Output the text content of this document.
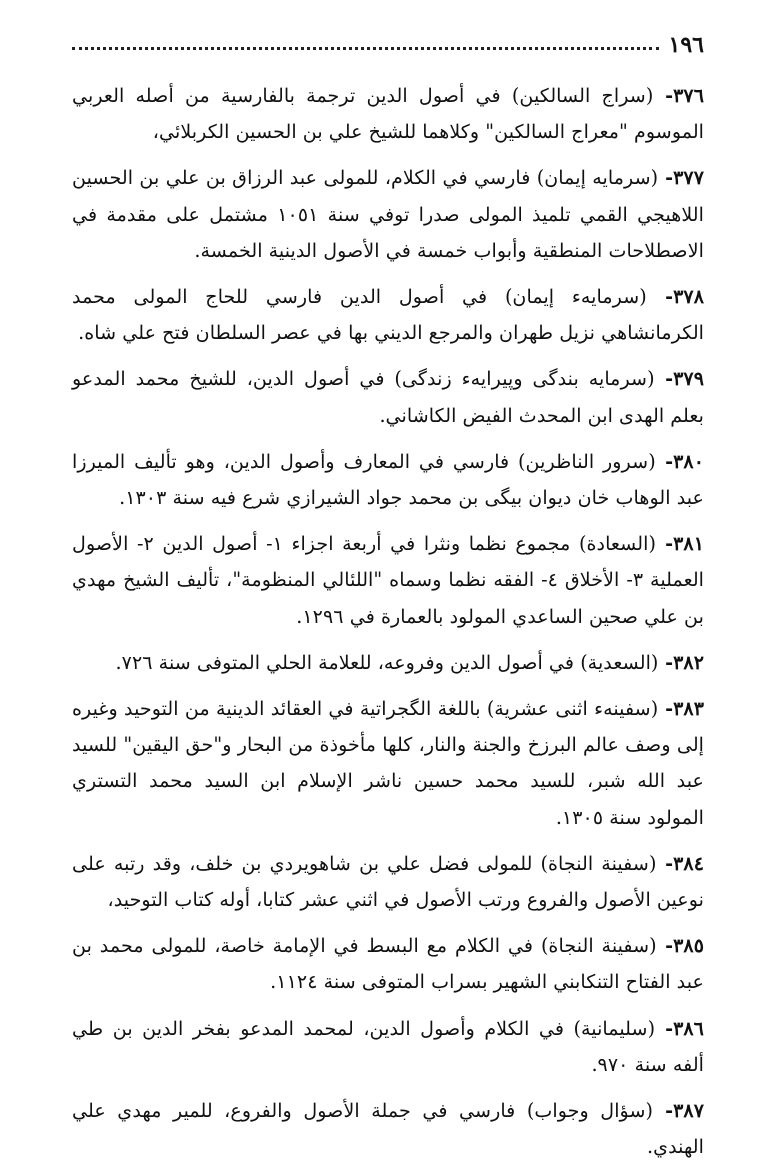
١٩٦

٣٧٦- (سراج السالكين) في أصول الدين ترجمة بالفارسية من أصله العربي الموسوم "معراج السالكين" وكلاهما للشيخ علي بن الحسين الكربلائي،

٣٧٧- (سرمايه إيمان) فارسي في الكلام، للمولى عبد الرزاق بن علي بن الحسين اللاهيجي القمي تلميذ المولى صدرا توفي سنة ١٠٥١ مشتمل على مقدمة في الاصطلاحات المنطقية وأبواب خمسة في الأصول الدينية الخمسة.

٣٧٨- (سرمايهء إيمان) في أصول الدين فارسي للحاج المولى محمد الكرمانشاهي نزيل طهران والمرجع الديني بها في عصر السلطان فتح علي شاه.

٣٧٩- (سرمايه بندگى وپيرايهء زندگى) في أصول الدين، للشيخ محمد المدعو بعلم الهدى ابن المحدث الفيض الكاشاني.

٣٨٠- (سرور الناظرين) فارسي في المعارف وأصول الدين، وهو تأليف الميرزا عبد الوهاب خان ديوان بيگى بن محمد جواد الشيرازي شرع فيه سنة ١٣٠٣.

٣٨١- (السعادة) مجموع نظما ونثرا في أربعة اجزاء ١- أصول الدين ٢- الأصول العملية ٣- الأخلاق ٤- الفقه نظما وسماه "اللئالي المنظومة"، تأليف الشيخ مهدي بن علي صحين الساعدي المولود بالعمارة في ١٢٩٦.

٣٨٢- (السعدية) في أصول الدين وفروعه، للعلامة الحلي المتوفى سنة ٧٢٦.

٣٨٣- (سفينهء اثنى عشرية) باللغة الگجراتية في العقائد الدينية من التوحيد وغيره إلى وصف عالم البرزخ والجنة والنار، كلها مأخوذة من البحار و"حق اليقين" للسيد عبد الله شبر، للسيد محمد حسين ناشر الإسلام ابن السيد محمد التستري المولود سنة ١٣٠٥.

٣٨٤- (سفينة النجاة) للمولى فضل علي بن شاهويردي بن خلف، وقد رتبه على نوعين الأصول والفروع ورتب الأصول في اثني عشر كتابا، أوله كتاب التوحيد،

٣٨٥- (سفينة النجاة) في الكلام مع البسط في الإمامة خاصة، للمولى محمد بن عبد الفتاح التنكابني الشهير بسراب المتوفى سنة ١١٢٤.

٣٨٦- (سليمانية) في الكلام وأصول الدين، لمحمد المدعو بفخر الدين بن طي ألفه سنة ٩٧٠.

٣٨٧- (سؤال وجواب) فارسي في جملة الأصول والفروع، للمير مهدي علي الهندي.
